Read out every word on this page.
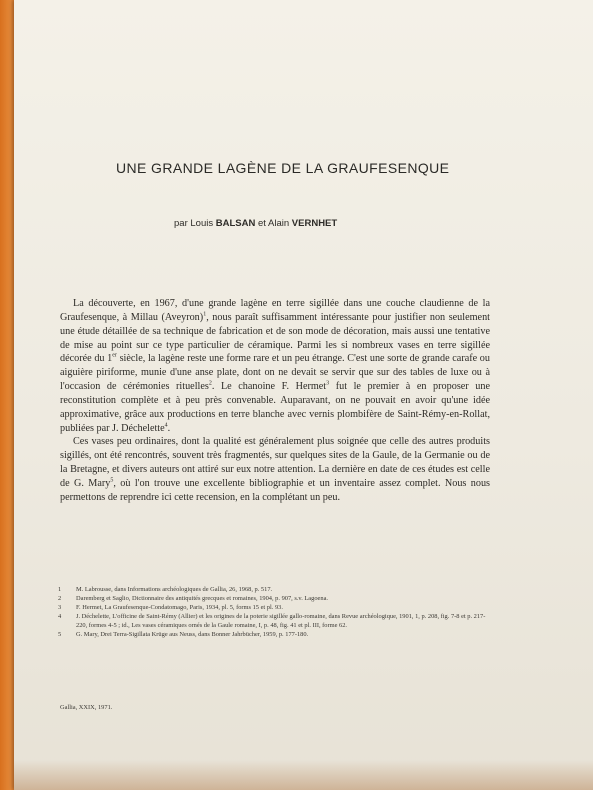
UNE GRANDE LAGÈNE DE LA GRAUFESENQUE
par Louis BALSAN et Alain VERNHET

La découverte, en 1967, d'une grande lagène en terre sigillée dans une couche claudienne de la Graufesenque, à Millau (Aveyron)$^1$, nous paraît suffisamment intéressante pour justifier non seulement une étude détaillée de sa technique de fabrication et de son mode de décoration, mais aussi une tentative de mise au point sur ce type particulier de céramique. Parmi les si nombreux vases en terre sigillée décorée du 1er siècle, la lagène reste une forme rare et un peu étrange. C'est une sorte de grande carafe ou aiguière piriforme, munie d'une anse plate, dont on ne devait se servir que sur des tables de luxe ou à l'occasion de cérémonies rituelles$^2$. Le chanoine F. Hermet$^3$ fut le premier à en proposer une reconstitution complète et à peu près convenable. Auparavant, on ne pouvait en avoir qu'une idée approximative, grâce aux productions en terre blanche avec vernis plombifère de Saint-Rémy-en-Rollat, publiées par J. Déchelette$^4$.

Ces vases peu ordinaires, dont la qualité est généralement plus soignée que celle des autres produits sigillés, ont été rencontrés, souvent très fragmentés, sur quelques sites de la Gaule, de la Germanie ou de la Bretagne, et divers auteurs ont attiré sur eux notre attention. La dernière en date de ces études est celle de G. Mary$^5$, où l'on trouve une excellente bibliographie et un inventaire assez complet. Nous nous permettons de reprendre ici cette recension, en la complétant un peu.

1	M. Labrousse, dans Informations archéologiques de Gallia, 26, 1968, p. 517.
2	Daremberg et Saglio, Dictionnaire des antiquités grecques et romaines, 1904, p. 907, s.v. Lagoena.
3	F. Hermet, La Graufesenque-Condatomago, Paris, 1934, pl. 5, forms 15 et pl. 93.
4	J. Déchelette, L'officine de Saint-Rémy (Allier) et les origines de la poterie sigillée gallo-romaine, dans Revue archéologique, 1901, 1, p. 208, fig. 7-8 et p. 217-220, formes 4-5 ; id., Les vases céramiques ornés de la Gaule romaine, I, p. 48, fig. 41 et pl. III, forme 62.
5	G. Mary, Drei Terra-Sigillata Krüge aus Neuss, dans Bonner Jahrbücher, 1959, p. 177-180.
Gallia, XXIX, 1971.
